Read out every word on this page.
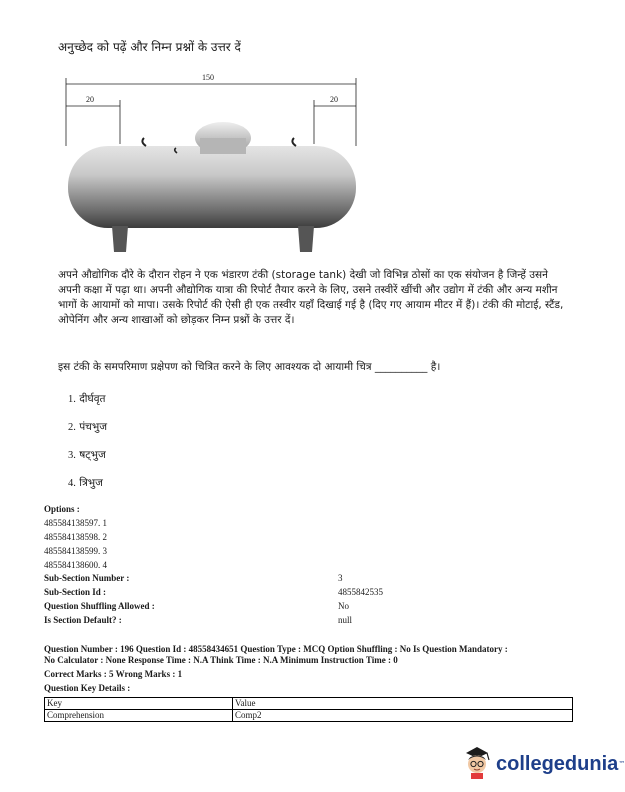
अनुच्छेद को पढ़ें और निम्न प्रश्नों के उत्तर दें
150
20	20
अपने औद्योगिक दौरे के दौरान रोहन ने एक भंडारण टंकी (storage tank) देखी जो विभिन्न ठोसों का एक संयोजन है जिन्हें उसने अपनी कक्षा में पढ़ा था। अपनी औद्योगिक यात्रा की रिपोर्ट तैयार करने के लिए, उसने तस्वीरें खींची और उद्योग में टंकी और अन्य मशीन भागों के आयामों को मापा। उसके रिपोर्ट की ऐसी ही एक तस्वीर यहाँ दिखाई गई है (दिए गए आयाम मीटर में हैं)। टंकी की मोटाई, स्टैंड, ओपेनिंग और अन्य शाखाओं को छोड़कर निम्न प्रश्नों के उत्तर दें।
इस टंकी के समपरिमाण प्रक्षेपण को चित्रित करने के लिए आवश्यक दो आयामी चित्र __________ है।
1. दीर्घवृत
2. पंचभुज
3. षट्भुज
4. त्रिभुज
Options :
485584138597. 1
485584138598. 2
485584138599. 3
485584138600. 4
Sub-Section Number :	3
Sub-Section Id :	4855842535
Question Shuffling Allowed :	No
Is Section Default? :	null
Question Number : 196 Question Id : 48558434651 Question Type : MCQ Option Shuffling : No Is Question Mandatory :
No Calculator : None Response Time : N.A Think Time : N.A Minimum Instruction Time : 0
Correct Marks : 5 Wrong Marks : 1
Question Key Details :
Key	Value
Comprehension	Comp2
collegedunia ™
